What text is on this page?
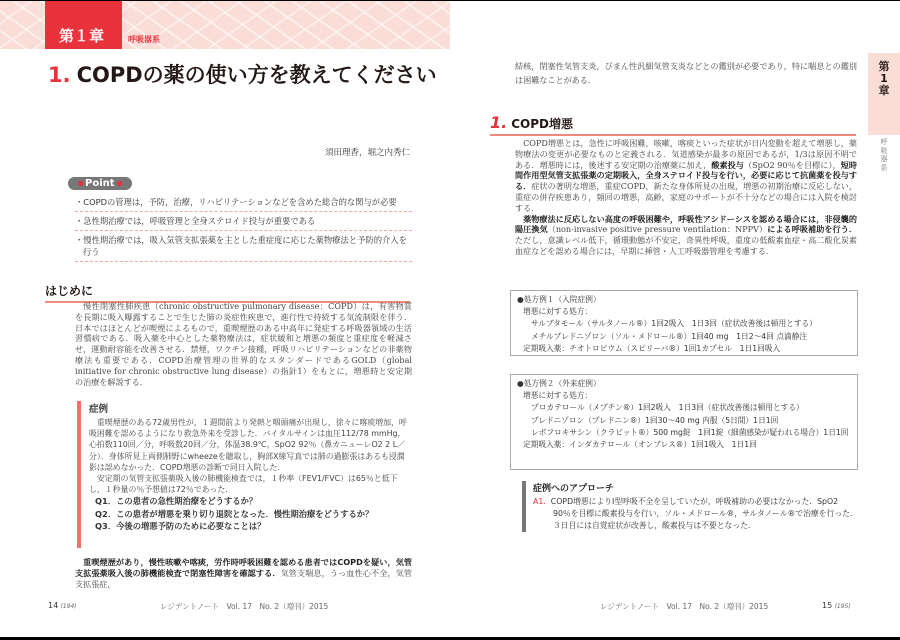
第１章	呼吸器系
1. COPDの薬の使い方を教えてください
須田理香，堀之内秀仁
Point
・COPDの管理は，予防，治療，リハビリテーションなどを含めた総合的な関与が必要
・急性期治療では，呼吸管理と全身ステロイド投与が重要である
・慢性期治療では，吸入気管支拡張薬を主とした重症度に応じた薬物療法と予防的介入を行う
はじめに

慢性閉塞性肺疾患（chronic obstructive pulmonary disease：COPD）は，有害物質を長期に吸入曝露することで生じた肺の炎症性疾患で，進行性で持続する気流制限を伴う．日本ではほとんどが喫煙によるもので，重喫煙歴のある中高年に発症する呼吸器領域の生活習慣病である．吸入薬を中心とした薬物療法は，症状緩和と増悪の頻度と重症度を軽減させ，運動耐容能を改善させる．禁煙，ワクチン接種，呼吸リハビリテーションなどの非薬物療法も重要である．COPD治療管理の世界的なスタンダードであるGOLD（global initiative for chronic obstructive lung disease）の指針1）をもとに，増悪時と安定期の治療を解説する．

症例

重喫煙歴のある72歳男性が，１週間前より発熱と咽頭痛が出現し，徐々に喀痰増加，呼吸困難を認めるようになり救急外来を受診した．バイタルサインは血圧112/78 mmHg，心拍数110回／分，呼吸数20回／分，体温38.9℃，SpO2 92％（鼻カニューレO2 2 L／分）．身体所見上両側肺野にwheezeを聴取し，胸部X線写真では肺の過膨張はあるも浸潤影は認めなかった．COPD増悪の診断で同日入院した．

安定期の気管支拡張薬吸入後の肺機能検査では，１秒率（FEV1/FVC）は65％と低下し，１秒量の％予想値は72％であった．

Q1．この患者の急性期治療をどうするか？
Q2．この患者が増悪を乗り切り退院となった．慢性期治療をどうするか？
Q3．今後の増悪予防のために必要なことは？

重喫煙歴があり，慢性咳嗽や喀痰，労作時呼吸困難を認める患者ではCOPDを疑い，気管支拡張薬吸入後の肺機能検査で閉塞性障害を確認する．気管支喘息，うっ血性心不全，気管支拡張症，

14 (194)	レジデントノート　Vol. 17　No. 2（増刊）2015

結核，閉塞性気管支炎，びまん性汎細気管支炎などとの鑑別が必要であり，特に喘息との鑑別は困難なことがある．

1. COPD増悪

COPD増悪とは，急性に呼吸困難，咳嗽，喀痰といった症状が日内変動を超えて増悪し，薬物療法の変更が必要なものと定義される．気道感染が最多の原因であるが，1/3は原因不明である．増悪時には，後述する安定期の治療薬に加え，酸素投与（SpO2 90％を目標に），短時間作用型気管支拡張薬の定期吸入，全身ステロイド投与を行い，必要に応じて抗菌薬を投与する．症状の著明な増悪，重症COPD，新たな身体所見の出現，増悪の初期治療に反応しない，重症の併存疾患あり，頻回の増悪，高齢，家庭のサポートが不十分などの場合には入院を検討する．

薬物療法に反応しない高度の呼吸困難や，呼吸性アシドーシスを認める場合には，非侵襲的陽圧換気（non-invasive positive pressure ventilation：NPPV）による呼吸補助を行う．ただし，意識レベル低下，循環動態が不安定，奇異性呼吸，重度の低酸素血症・高二酸化炭素血症などを認める場合には，早期に挿管・人工呼吸器管理を考慮する．

●処方例１（入院症例）
増悪に対する処方：
サルブタモール（サルタノール®）1回2吸入　1日3回（症状改善後は頓用とする）
メチルプレドニゾロン（ソル・メドロール®）1回40 mg　1日2～4回 点滴静注
定期吸入薬：チオトロピウム（スピリーバ®）1回1カプセル　1日1回吸入
●処方例２（外来症例）
増悪に対する処方：
プロカテロール（メプチン®）1回2吸入　1日3回（症状改善後は頓用とする）
プレドニゾロン（プレドニン®）1回30～40 mg 内服（5日間）1日1回
レボフロキサシン（クラビット®）500 mg錠　1回1錠（細菌感染が疑われる場合）1日1回
定期吸入薬：インダカテロール（オンブレス®）1回1吸入　1日1回
症例へのアプローチ
A1. COPD増悪によりⅠ型呼吸不全を呈していたが，呼吸補助の必要はなかった．SpO2 90％を目標に酸素投与を行い，ソル・メドロール®，サルタノール®で治療を行った．３日目には自覚症状が改善し，酸素投与は不要となった．
第
1
章
呼
吸
器
系
レジデントノート　Vol. 17　No. 2（増刊）2015	15 (195)
